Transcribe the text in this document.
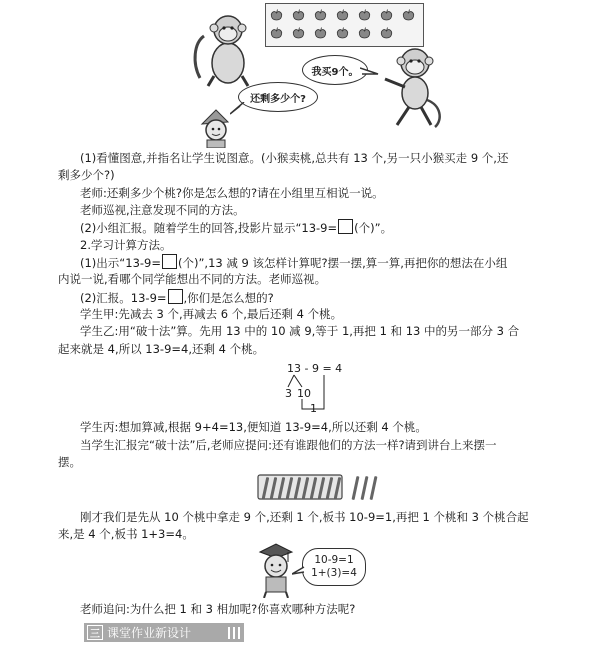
还剩多少个?
我买9个。
(1)看懂图意,并指名让学生说图意。(小猴卖桃,总共有 13 个,另一只小猴买走 9 个,还
剩多少个?)
老师:还剩多少个桃?你是怎么想的?请在小组里互相说一说。
老师巡视,注意发现不同的方法。
(2)小组汇报。随着学生的回答,投影片显示“13-9= (个)”。
2.学习计算方法。
(1)出示“13-9= (个)”,13 减 9 该怎样计算呢?摆一摆,算一算,再把你的想法在小组
内说一说,看哪个同学能想出不同的方法。老师巡视。
(2)汇报。13-9= ,你们是怎么想的?
学生甲:先减去 3 个,再减去 6 个,最后还剩 4 个桃。
学生乙:用“破十法”算。先用 13 中的 10 减 9,等于 1,再把 1 和 13 中的另一部分 3 合
起来就是 4,所以 13-9=4,还剩 4 个桃。
13 - 9 = 4
3 10
1
学生丙:想加算减,根据 9+4=13,便知道 13-9=4,所以还剩 4 个桃。
当学生汇报完“破十法”后,老师应提问:还有谁跟他们的方法一样?请到讲台上来摆一
摆。
刚才我们是先从 10 个桃中拿走 9 个,还剩 1 个,板书 10-9=1,再把 1 个桃和 3 个桃合起
来,是 4 个,板书 1+3=4。
10-9=1
1+(3)=4
老师追问:为什么把 1 和 3 相加呢?你喜欢哪种方法呢?
三 课堂作业新设计
